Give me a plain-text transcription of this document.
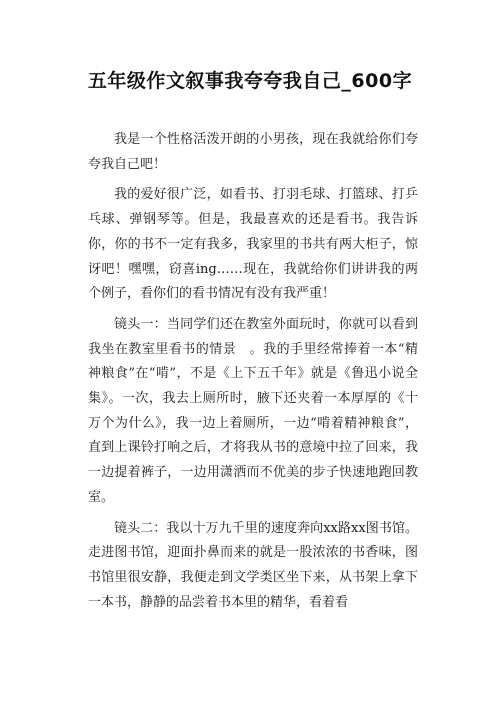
五年级作文叙事我夸夸我自己_600字

我是一个性格活泼开朗的小男孩，现在我就给你们夸夸我自己吧！

我的爱好很广泛，如看书、打羽毛球、打篮球、打乒乓球、弹钢琴等。但是，我最喜欢的还是看书。我告诉你，你的书不一定有我多，我家里的书共有两大柜子，惊讶吧！嘿嘿，窃喜ing……现在，我就给你们讲讲我的两个例子，看你们的看书情况有没有我严重！

镜头一：当同学们还在教室外面玩时，你就可以看到我坐在教室里看书的情景　。我的手里经常捧着一本“精神粮食”在“啃”，不是《上下五千年》就是《鲁迅小说全集》。一次，我去上厕所时，腋下还夹着一本厚厚的《十万个为什么》，我一边上着厕所，一边“啃着精神粮食”，直到上课铃打响之后，才将我从书的意境中拉了回来，我一边提着裤子，一边用潇洒而不优美的步子快速地跑回教室。

镜头二：我以十万九千里的速度奔向xx路xx图书馆。走进图书馆，迎面扑鼻而来的就是一股浓浓的书香味，图书馆里很安静，我便走到文学类区坐下来，从书架上拿下一本书，静静的品尝着书本里的精华，看着看
